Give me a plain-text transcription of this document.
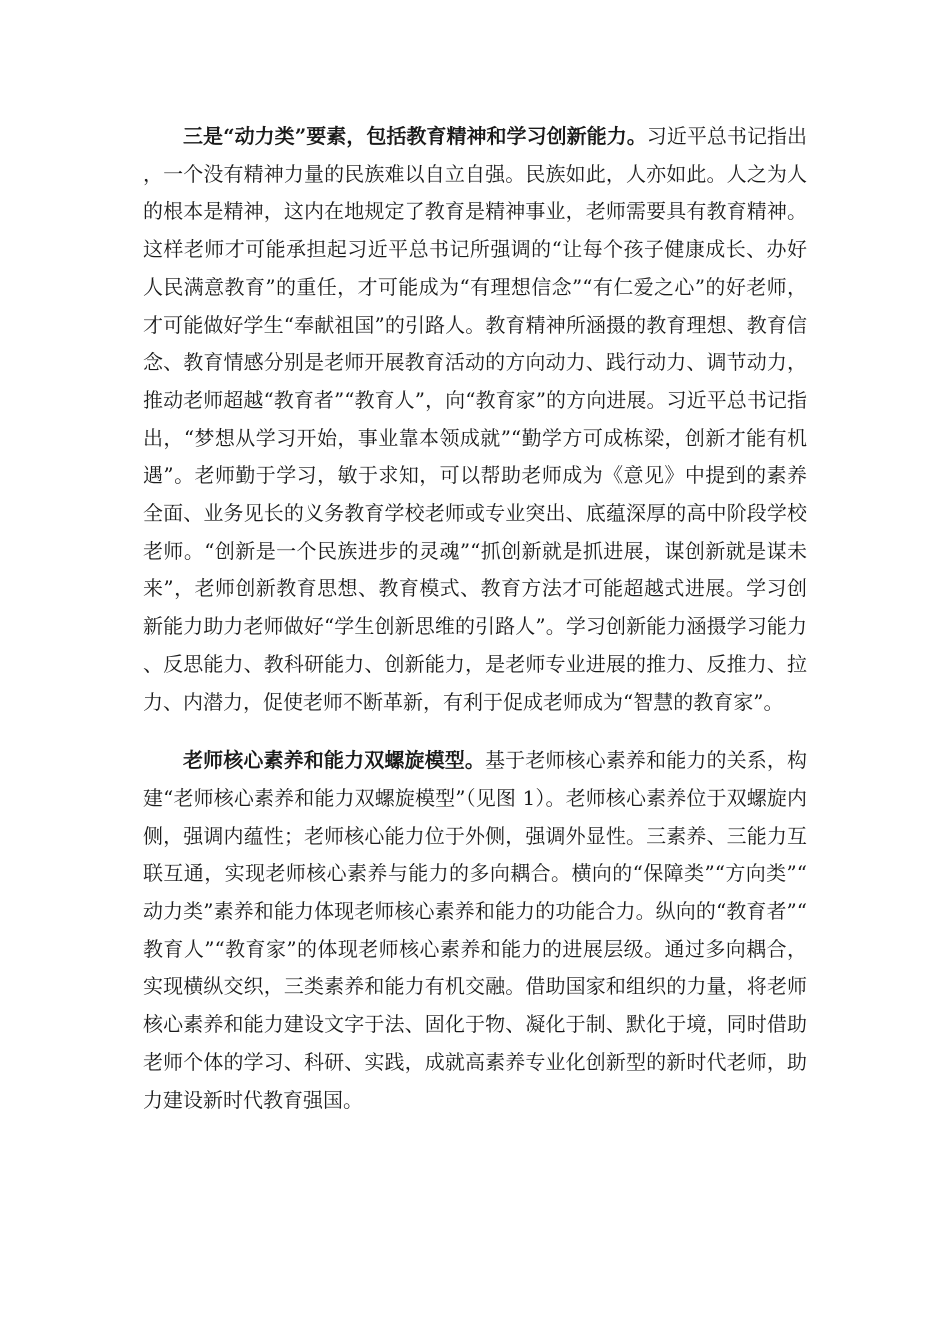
三是“动力类”要素，包括教育精神和学习创新能力。习近平总书记指出，一个没有精神力量的民族难以自立自强。民族如此，人亦如此。人之为人的根本是精神，这内在地规定了教育是精神事业，老师需要具有教育精神。这样老师才可能承担起习近平总书记所强调的“让每个孩子健康成长、办好人民满意教育”的重任，才可能成为“有理想信念”“有仁爱之心”的好老师，才可能做好学生“奉献祖国”的引路人。教育精神所涵摄的教育理想、教育信念、教育情感分别是老师开展教育活动的方向动力、践行动力、调节动力，推动老师超越“教育者”“教育人”，向“教育家”的方向进展。习近平总书记指出，“梦想从学习开始，事业靠本领成就”“勤学方可成栋梁，创新才能有机遇”。老师勤于学习，敏于求知，可以帮助老师成为《意见》中提到的素养全面、业务见长的义务教育学校老师或专业突出、底蕴深厚的高中阶段学校老师。“创新是一个民族进步的灵魂”“抓创新就是抓进展，谋创新就是谋未来”，老师创新教育思想、教育模式、教育方法才可能超越式进展。学习创新能力助力老师做好“学生创新思维的引路人”。学习创新能力涵摄学习能力、反思能力、教科研能力、创新能力，是老师专业进展的推力、反推力、拉力、内潜力，促使老师不断革新，有利于促成老师成为“智慧的教育家”。

老师核心素养和能力双螺旋模型。基于老师核心素养和能力的关系，构建“老师核心素养和能力双螺旋模型”（见图 1）。老师核心素养位于双螺旋内侧，强调内蕴性；老师核心能力位于外侧，强调外显性。三素养、三能力互联互通，实现老师核心素养与能力的多向耦合。横向的“保障类”“方向类”“动力类”素养和能力体现老师核心素养和能力的功能合力。纵向的“教育者”“教育人”“教育家”的体现老师核心素养和能力的进展层级。通过多向耦合，实现横纵交织，三类素养和能力有机交融。借助国家和组织的力量，将老师核心素养和能力建设文字于法、固化于物、凝化于制、默化于境，同时借助老师个体的学习、科研、实践，成就高素养专业化创新型的新时代老师，助力建设新时代教育强国。
